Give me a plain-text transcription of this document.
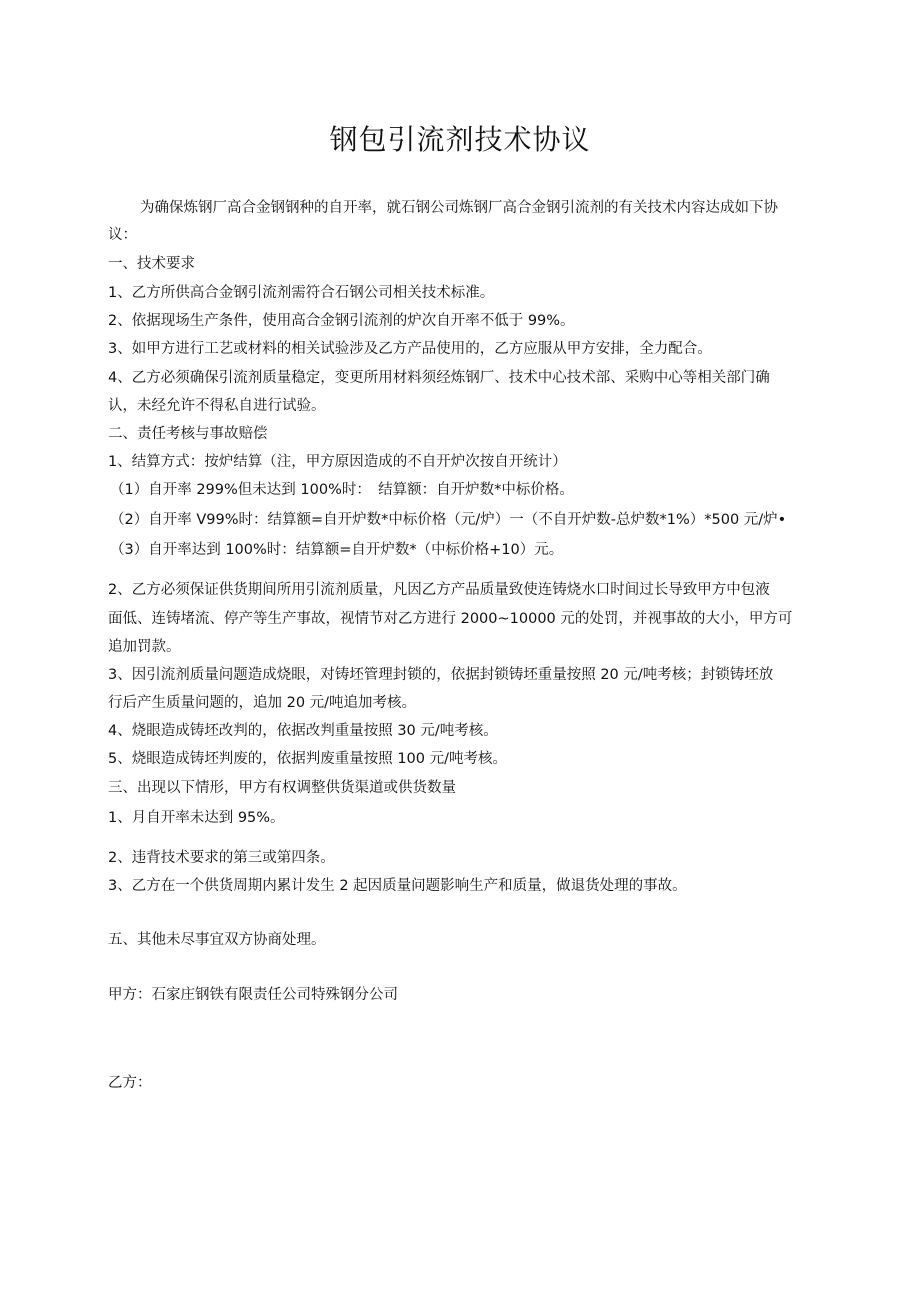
钢包引流剂技术协议
为确保炼钢厂高合金钢钢种的自开率，就石钢公司炼钢厂高合金钢引流剂的有关技术内容达成如下协
议：
一、技术要求
1、乙方所供高合金钢引流剂需符合石钢公司相关技术标准。
2、依据现场生产条件，使用高合金钢引流剂的炉次自开率不低于 99%。
3、如甲方进行工艺或材料的相关试验涉及乙方产品使用的，乙方应服从甲方安排，全力配合。
4、乙方必须确保引流剂质量稳定，变更所用材料须经炼钢厂、技术中心技术部、采购中心等相关部门确
认，未经允许不得私自进行试验。
二、责任考核与事故赔偿
1、结算方式：按炉结算（注，甲方原因造成的不自开炉次按自开统计）
（1）自开率 299%但未达到 100%时：　结算额：自开炉数*中标价格。
（2）自开率 V99%时：结算额=自开炉数*中标价格（元/炉）一（不自开炉数-总炉数*1%）*500 元/炉•
（3）自开率达到 100%时：结算额=自开炉数*（中标价格+10）元。
2、乙方必须保证供货期间所用引流剂质量，凡因乙方产品质量致使连铸烧水口时间过长导致甲方中包液
面低、连铸堵流、停产等生产事故，视情节对乙方进行 2000~10000 元的处罚，并视事故的大小，甲方可
追加罚款。
3、因引流剂质量问题造成烧眼，对铸坯管理封锁的，依据封锁铸坯重量按照 20 元/吨考核；封锁铸坯放
行后产生质量问题的，追加 20 元/吨追加考核。
4、烧眼造成铸坯改判的，依据改判重量按照 30 元/吨考核。
5、烧眼造成铸坯判废的，依据判废重量按照 100 元/吨考核。
三、出现以下情形，甲方有权调整供货渠道或供货数量
1、月自开率未达到 95%。
2、违背技术要求的第三或第四条。
3、乙方在一个供货周期内累计发生 2 起因质量问题影响生产和质量，做退货处理的事故。
五、其他未尽事宜双方协商处理。
甲方：石家庄钢铁有限责任公司特殊钢分公司
乙方：
